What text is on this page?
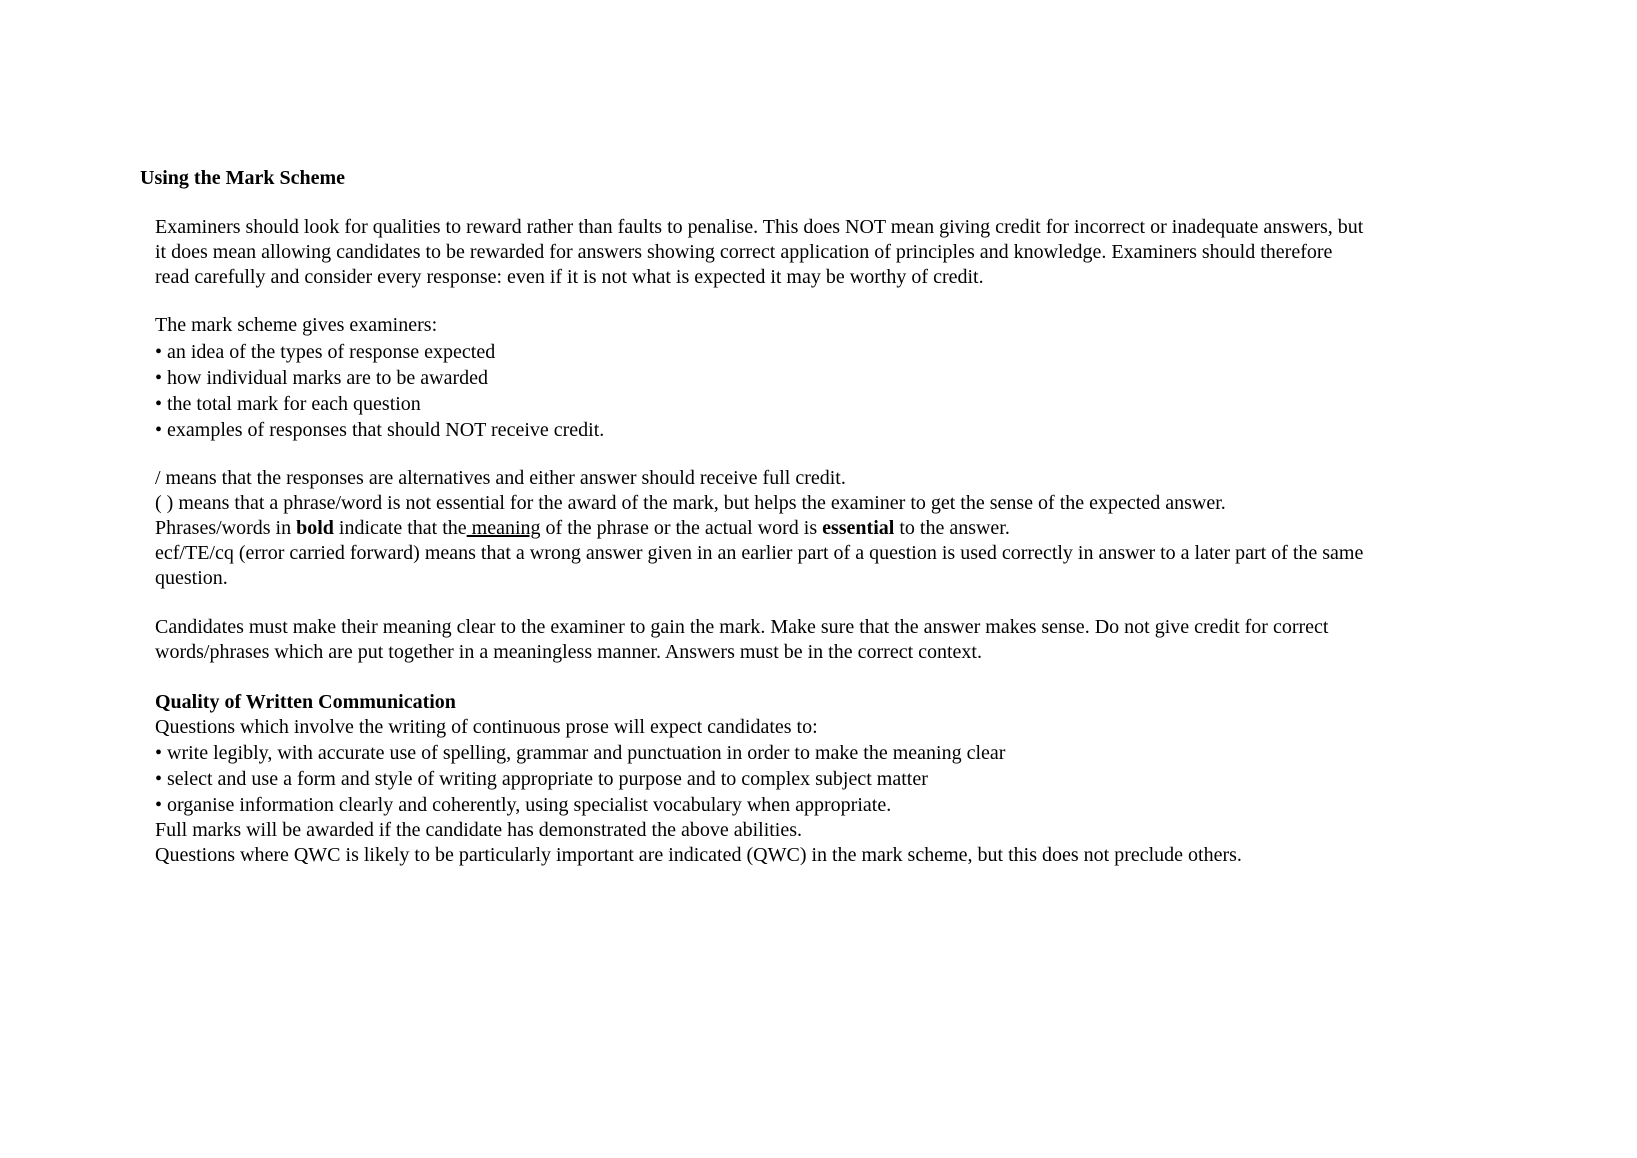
Using the Mark Scheme
Examiners should look for qualities to reward rather than faults to penalise. This does NOT mean giving credit for incorrect or inadequate answers, but
it does mean allowing candidates to be rewarded for answers showing correct application of principles and knowledge. Examiners should therefore
read carefully and consider every response: even if it is not what is expected it may be worthy of credit.
The mark scheme gives examiners:
• an idea of the types of response expected
• how individual marks are to be awarded
• the total mark for each question
• examples of responses that should NOT receive credit.
/ means that the responses are alternatives and either answer should receive full credit.
( ) means that a phrase/word is not essential for the award of the mark, but helps the examiner to get the sense of the expected answer.
Phrases/words in bold indicate that the meaning of the phrase or the actual word is essential to the answer.
ecf/TE/cq (error carried forward) means that a wrong answer given in an earlier part of a question is used correctly in answer to a later part of the same
question.
Candidates must make their meaning clear to the examiner to gain the mark. Make sure that the answer makes sense. Do not give credit for correct
words/phrases which are put together in a meaningless manner. Answers must be in the correct context.
Quality of Written Communication
Questions which involve the writing of continuous prose will expect candidates to:
• write legibly, with accurate use of spelling, grammar and punctuation in order to make the meaning clear
• select and use a form and style of writing appropriate to purpose and to complex subject matter
• organise information clearly and coherently, using specialist vocabulary when appropriate.
Full marks will be awarded if the candidate has demonstrated the above abilities.
Questions where QWC is likely to be particularly important are indicated (QWC) in the mark scheme, but this does not preclude others.
